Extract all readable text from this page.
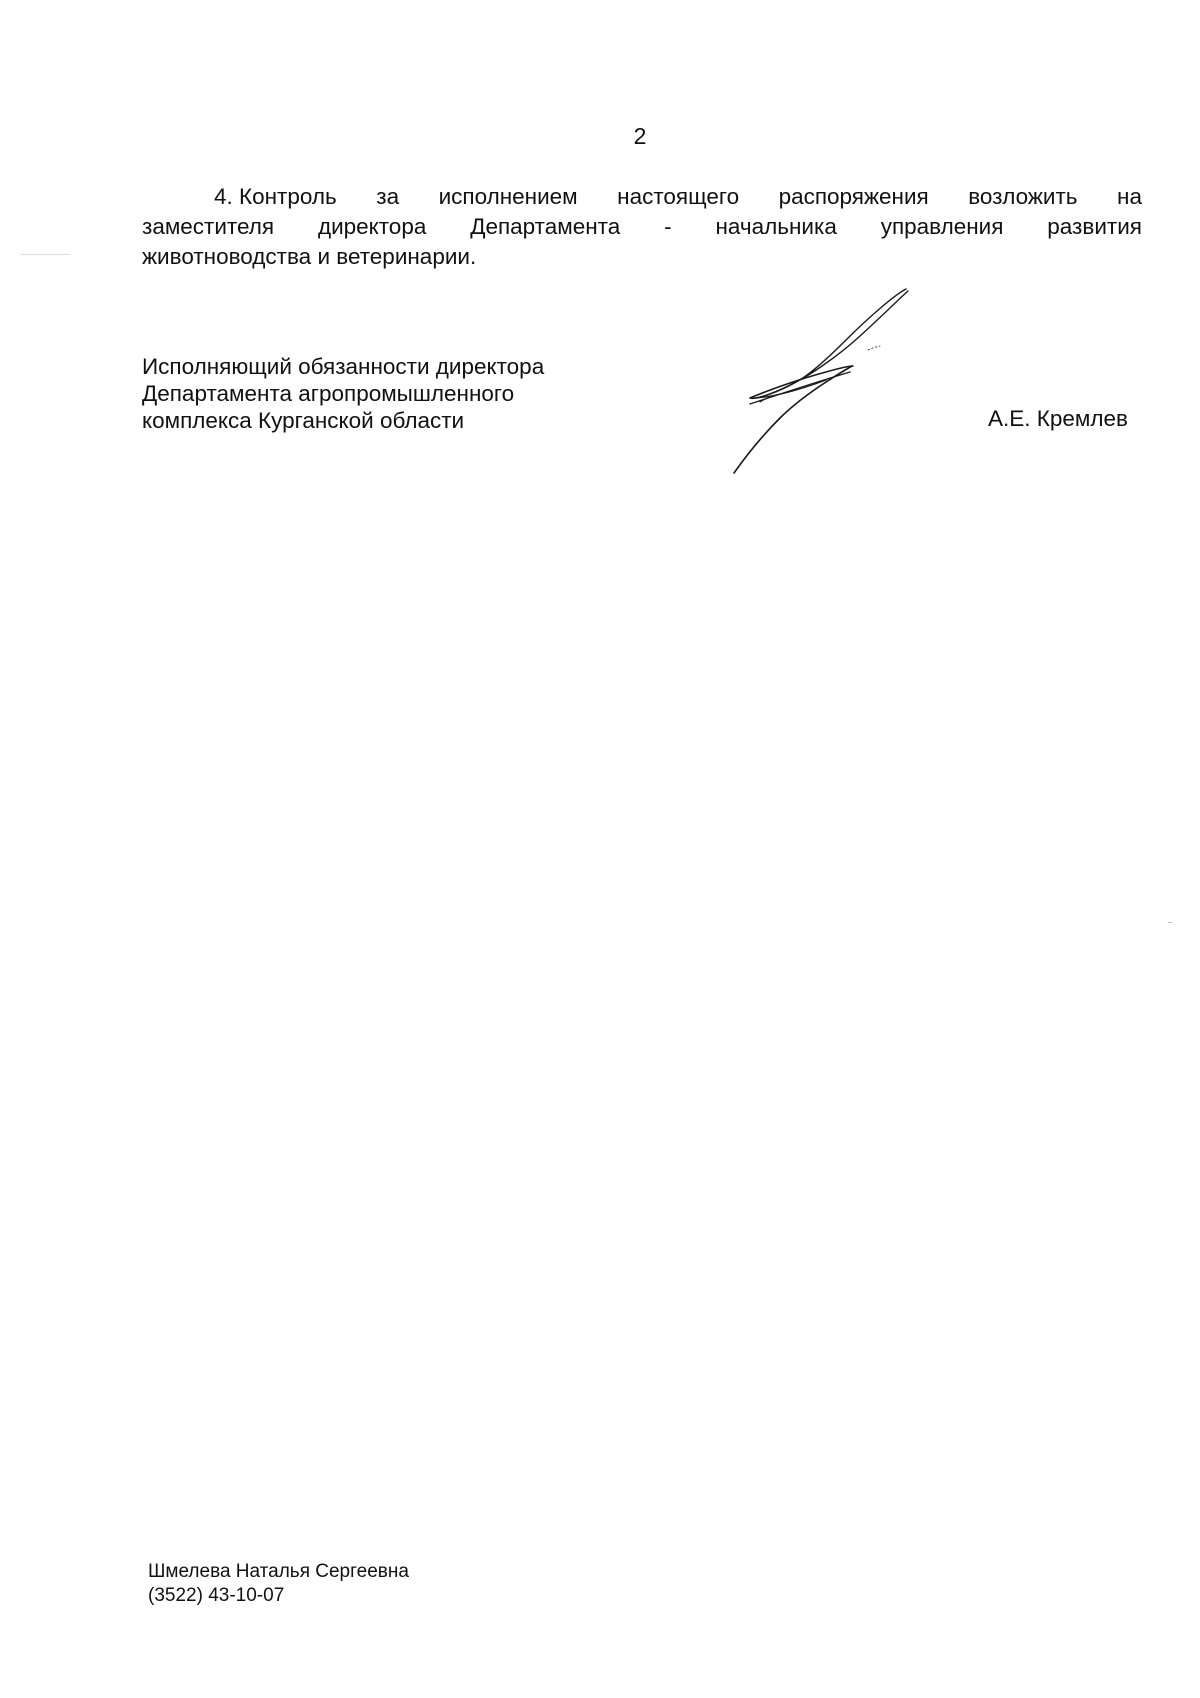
2
4. Контроль за исполнением настоящего распоряжения возложить на
заместителя директора Департамента - начальника управления развития
животноводства и ветеринарии.
Исполняющий обязанности директора
Департамента агропромышленного
комплекса Курганской области	А.Е. Кремлев
Шмелева Наталья Сергеевна
(3522) 43-10-07
